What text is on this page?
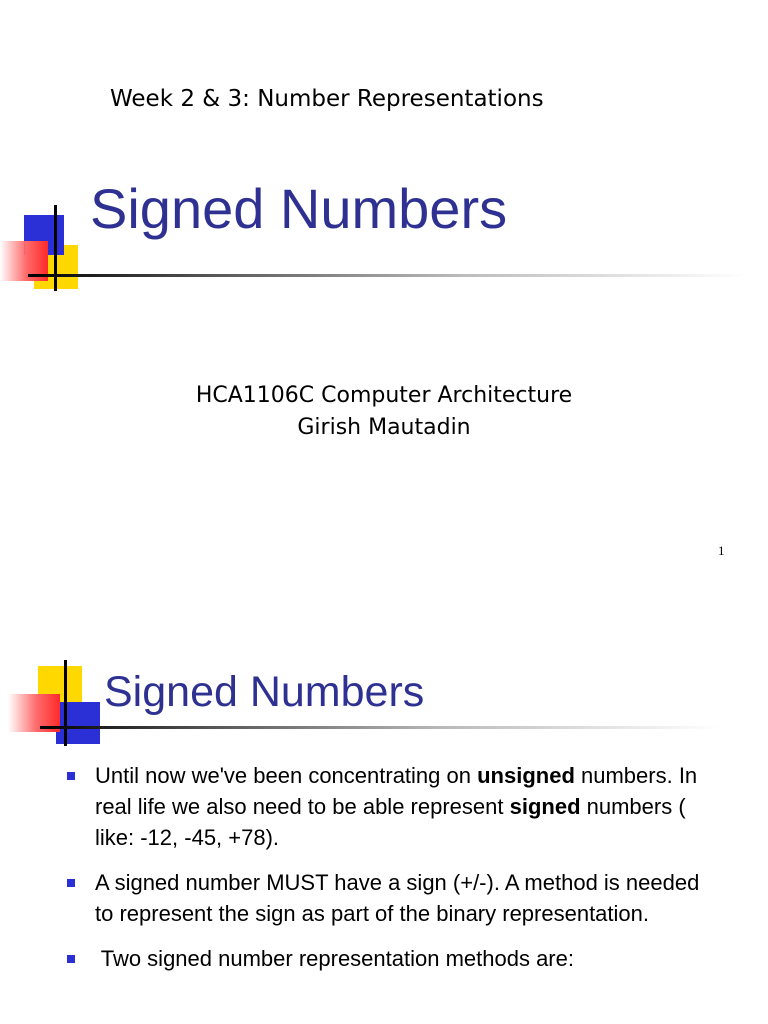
Week 2 & 3: Number Representations
Signed Numbers
HCA1106C Computer Architecture
Girish Mautadin
1
Signed Numbers
Until now we've been concentrating on unsigned numbers. In real life we also need to be able represent signed numbers ( like: -12, -45, +78).
A signed number MUST have a sign (+/-). A method is needed to represent the sign as part of the binary representation.
Two signed number representation methods are:
